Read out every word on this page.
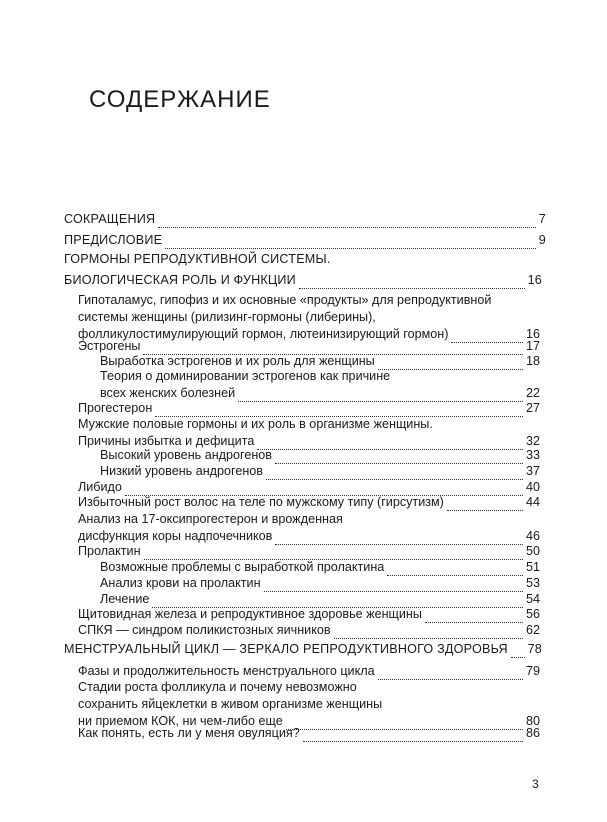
СОДЕРЖАНИЕ
СОКРАЩЕНИЯ	7
ПРЕДИСЛОВИЕ	9
ГОРМОНЫ РЕПРОДУКТИВНОЙ СИСТЕМЫ.
БИОЛОГИЧЕСКАЯ РОЛЬ И ФУНКЦИИ	16
Гипоталамус, гипофиз и их основные «продукты» для репродуктивной
системы женщины (рилизинг-гормоны (либерины),
фолликулостимулирующий гормон, лютеинизирующий гормон)	16
Эстрогены	17
Выработка эстрогенов и их роль для женщины	18
Теория о доминировании эстрогенов как причине
всех женских болезней	22
Прогестерон	27
Мужские половые гормоны и их роль в организме женщины.
Причины избытка и дефицита	32
Высокий уровень андрогенов	33
Низкий уровень андрогенов	37
Либидо	40
Избыточный рост волос на теле по мужскому типу (гирсутизм)	44
Анализ на 17-оксипрогестерон и врожденная
дисфункция коры надпочечников	46
Пролактин	50
Возможные проблемы с выработкой пролактина	51
Анализ крови на пролактин	53
Лечение	54
Щитовидная железа и репродуктивное здоровье женщины	56
СПКЯ — синдром поликистозных яичников	62
МЕНСТРУАЛЬНЫЙ ЦИКЛ — ЗЕРКАЛО РЕПРОДУКТИВНОГО ЗДОРОВЬЯ 78
Фазы и продолжительность менструального цикла	79
Стадии роста фолликула и почему невозможно
сохранить яйцеклетки в живом организме женщины
ни приемом КОК, ни чем-либо еще	80
Как понять, есть ли у меня овуляция?	86
3
